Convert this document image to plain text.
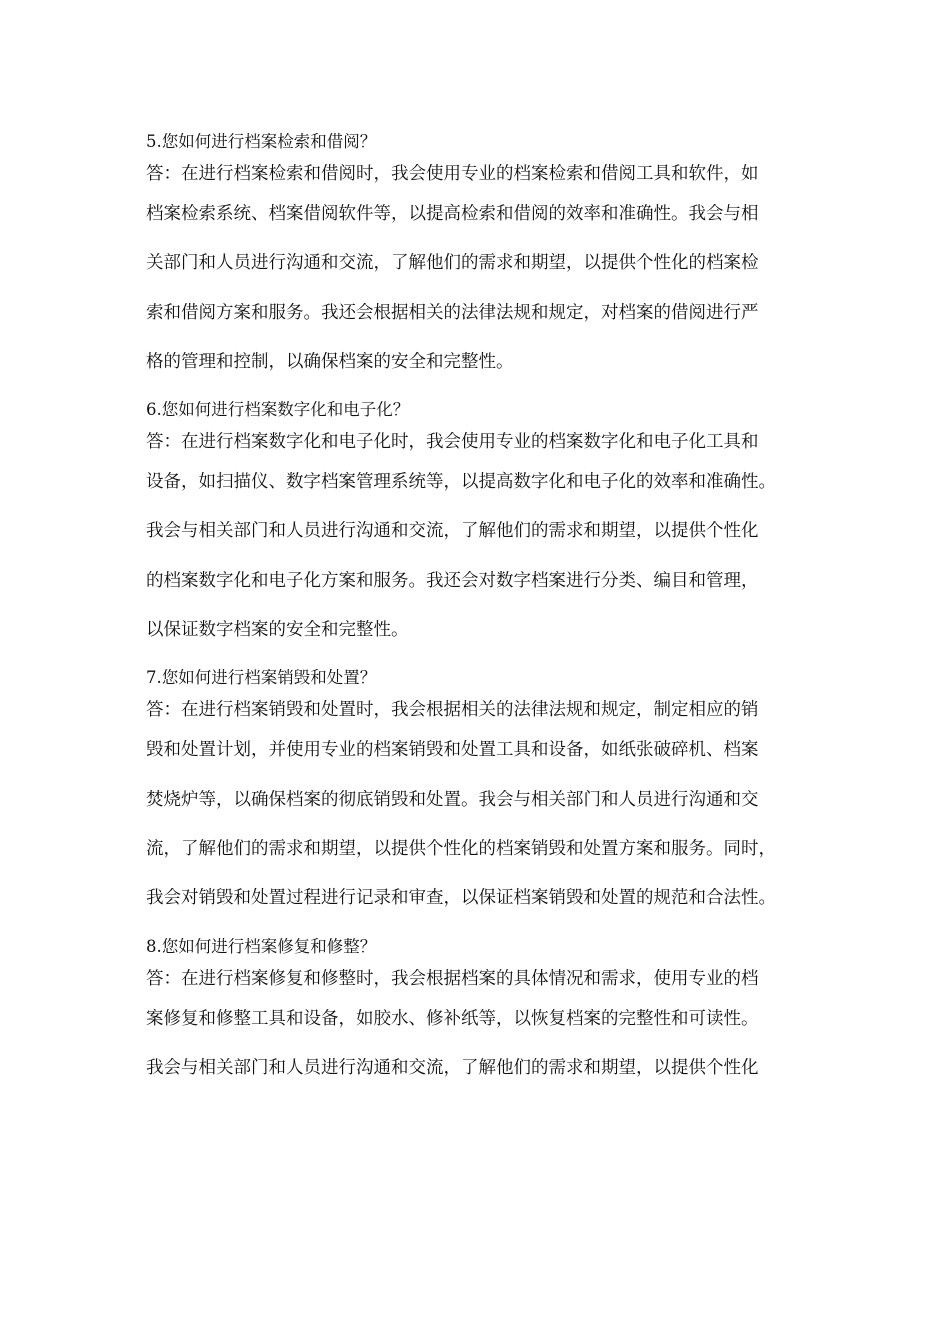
5.您如何进行档案检索和借阅？

答：在进行档案检索和借阅时，我会使用专业的档案检索和借阅工具和软件，如

档案检索系统、档案借阅软件等，以提高检索和借阅的效率和准确性。我会与相

关部门和人员进行沟通和交流，了解他们的需求和期望，以提供个性化的档案检

索和借阅方案和服务。我还会根据相关的法律法规和规定，对档案的借阅进行严

格的管理和控制，以确保档案的安全和完整性。

6.您如何进行档案数字化和电子化？

答：在进行档案数字化和电子化时，我会使用专业的档案数字化和电子化工具和

设备，如扫描仪、数字档案管理系统等，以提高数字化和电子化的效率和准确性。

我会与相关部门和人员进行沟通和交流，了解他们的需求和期望，以提供个性化

的档案数字化和电子化方案和服务。我还会对数字档案进行分类、编目和管理，

以保证数字档案的安全和完整性。

7.您如何进行档案销毁和处置？

答：在进行档案销毁和处置时，我会根据相关的法律法规和规定，制定相应的销

毁和处置计划，并使用专业的档案销毁和处置工具和设备，如纸张破碎机、档案

焚烧炉等，以确保档案的彻底销毁和处置。我会与相关部门和人员进行沟通和交

流，了解他们的需求和期望，以提供个性化的档案销毁和处置方案和服务。同时，

我会对销毁和处置过程进行记录和审查，以保证档案销毁和处置的规范和合法性。

8.您如何进行档案修复和修整？

答：在进行档案修复和修整时，我会根据档案的具体情况和需求，使用专业的档

案修复和修整工具和设备，如胶水、修补纸等，以恢复档案的完整性和可读性。

我会与相关部门和人员进行沟通和交流，了解他们的需求和期望，以提供个性化
